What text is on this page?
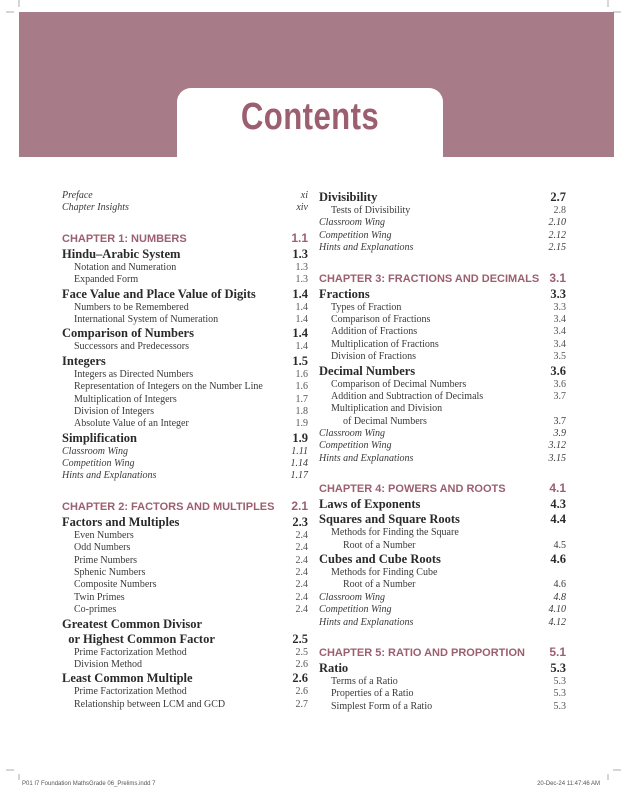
Contents
Preface	xi
Chapter Insights	xiv
CHAPTER 1: NUMBERS	1.1
Hindu–Arabic System	1.3
Notation and Numeration	1.3
Expanded Form	1.3
Face Value and Place Value of Digits	1.4
Numbers to be Remembered	1.4
International System of Numeration	1.4
Comparison of Numbers	1.4
Successors and Predecessors	1.4
Integers	1.5
Integers as Directed Numbers	1.6
Representation of Integers on the Number Line	1.6
Multiplication of Integers	1.7
Division of Integers	1.8
Absolute Value of an Integer	1.9
Simplification	1.9
Classroom Wing	1.11
Competition Wing	1.14
Hints and Explanations	1.17
CHAPTER 2: FACTORS AND MULTIPLES 2.1
Factors and Multiples	2.3
Even Numbers	2.4
Odd Numbers	2.4
Prime Numbers	2.4
Sphenic Numbers	2.4
Composite Numbers	2.4
Twin Primes	2.4
Co-primes	2.4
Greatest Common Divisor
or Highest Common Factor	2.5
Prime Factorization Method	2.5
Division Method	2.6
Least Common Multiple	2.6
Prime Factorization Method	2.6
Relationship between LCM and GCD	2.7
Divisibility	2.7
Tests of Divisibility	2.8
Classroom Wing	2.10
Competition Wing	2.12
Hints and Explanations	2.15
CHAPTER 3: FRACTIONS AND DECIMALS 3.1
Fractions	3.3
Types of Fraction	3.3
Comparison of Fractions	3.4
Addition of Fractions	3.4
Multiplication of Fractions	3.4
Division of Fractions	3.5
Decimal Numbers	3.6
Comparison of Decimal Numbers	3.6
Addition and Subtraction of Decimals	3.7
Multiplication and Division
of Decimal Numbers	3.7
Classroom Wing	3.9
Competition Wing	3.12
Hints and Explanations	3.15
CHAPTER 4: POWERS AND ROOTS	4.1
Laws of Exponents	4.3
Squares and Square Roots	4.4
Methods for Finding the Square
Root of a Number	4.5
Cubes and Cube Roots	4.6
Methods for Finding Cube
Root of a Number	4.6
Classroom Wing	4.8
Competition Wing	4.10
Hints and Explanations	4.12
CHAPTER 5: RATIO AND PROPORTION 5.1
Ratio	5.3
Terms of a Ratio	5.3
Properties of a Ratio	5.3
Simplest Form of a Ratio	5.3
P01 I7 Foundation MathsGrade 06_Prelims.indd 7	20-Dec-24 11:47:46 AM
